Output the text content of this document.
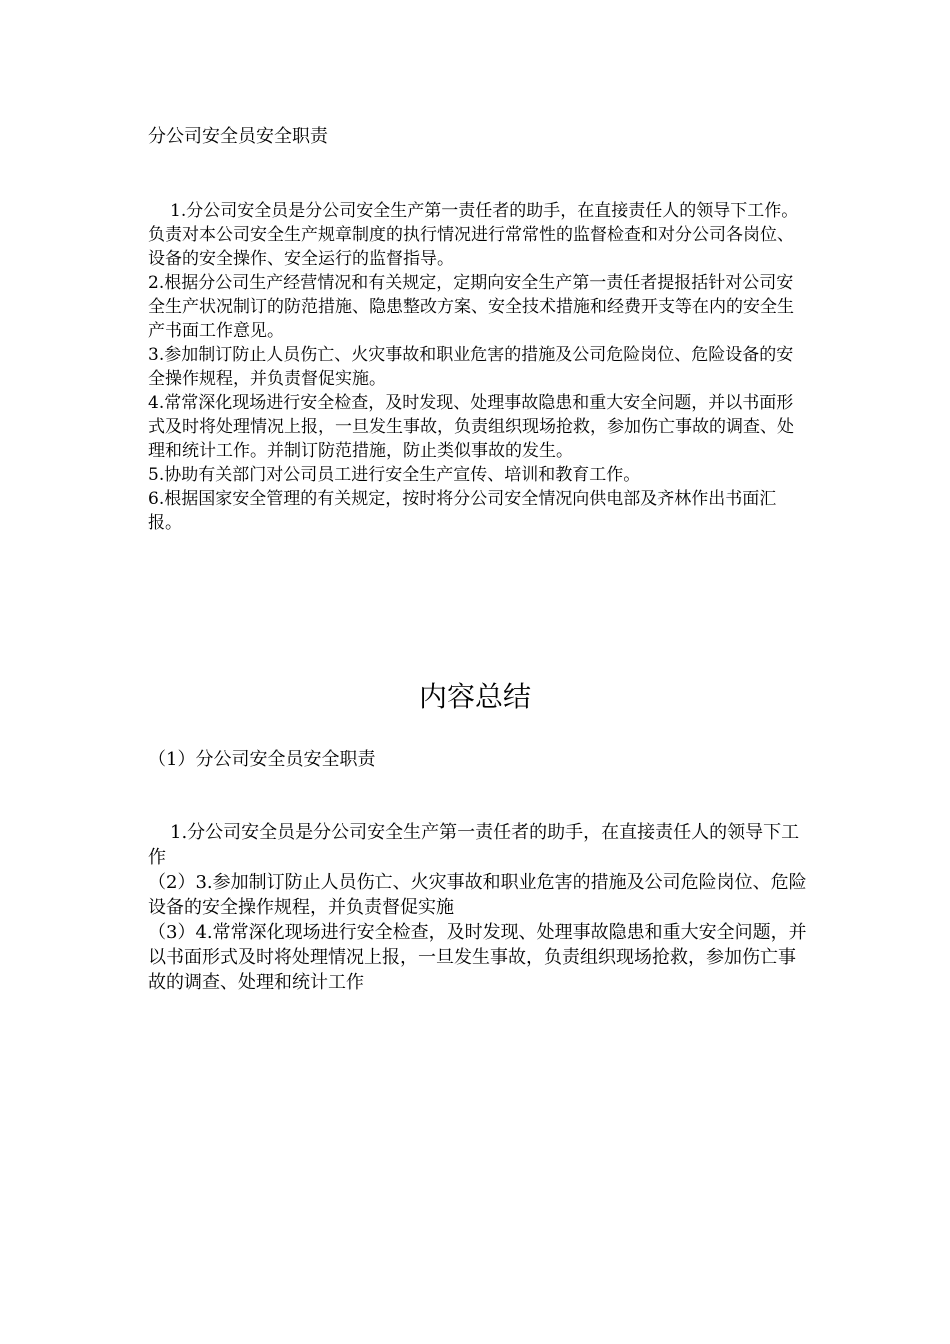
分公司安全员安全职责
1.分公司安全员是分公司安全生产第一责任者的助手，在直接责任人的领导下工作。负责对本公司安全生产规章制度的执行情况进行常常性的监督检查和对分公司各岗位、设备的安全操作、安全运行的监督指导。
2.根据分公司生产经营情况和有关规定，定期向安全生产第一责任者提报括针对公司安全生产状况制订的防范措施、隐患整改方案、安全技术措施和经费开支等在内的安全生产书面工作意见。
3.参加制订防止人员伤亡、火灾事故和职业危害的措施及公司危险岗位、危险设备的安全操作规程，并负责督促实施。
4.常常深化现场进行安全检查，及时发现、处理事故隐患和重大安全问题，并以书面形式及时将处理情况上报，一旦发生事故，负责组织现场抢救，参加伤亡事故的调查、处理和统计工作。并制订防范措施，防止类似事故的发生。
5.协助有关部门对公司员工进行安全生产宣传、培训和教育工作。
6.根据国家安全管理的有关规定，按时将分公司安全情况向供电部及齐林作出书面汇报。
内容总结

（1）分公司安全员安全职责

1.分公司安全员是分公司安全生产第一责任者的助手，在直接责任人的领导下工作
（2）3.参加制订防止人员伤亡、火灾事故和职业危害的措施及公司危险岗位、危险设备的安全操作规程，并负责督促实施
（3）4.常常深化现场进行安全检查，及时发现、处理事故隐患和重大安全问题，并以书面形式及时将处理情况上报，一旦发生事故，负责组织现场抢救，参加伤亡事故的调查、处理和统计工作
